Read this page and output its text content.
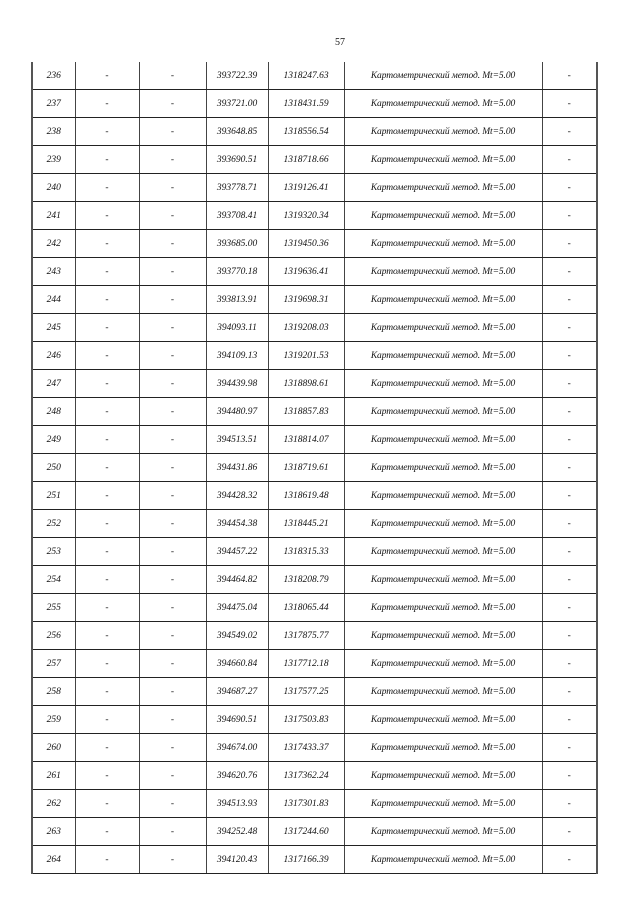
57
236	-	-	393722.39	1318247.63	Картометрический метод. Mt=5.00	-
237	-	-	393721.00	1318431.59	Картометрический метод. Mt=5.00	-
238	-	-	393648.85	1318556.54	Картометрический метод. Mt=5.00	-
239	-	-	393690.51	1318718.66	Картометрический метод. Mt=5.00	-
240	-	-	393778.71	1319126.41	Картометрический метод. Mt=5.00	-
241	-	-	393708.41	1319320.34	Картометрический метод. Mt=5.00	-
242	-	-	393685.00	1319450.36	Картометрический метод. Mt=5.00	-
243	-	-	393770.18	1319636.41	Картометрический метод. Mt=5.00	-
244	-	-	393813.91	1319698.31	Картометрический метод. Mt=5.00	-
245	-	-	394093.11	1319208.03	Картометрический метод. Mt=5.00	-
246	-	-	394109.13	1319201.53	Картометрический метод. Mt=5.00	-
247	-	-	394439.98	1318898.61	Картометрический метод. Mt=5.00	-
248	-	-	394480.97	1318857.83	Картометрический метод. Mt=5.00	-
249	-	-	394513.51	1318814.07	Картометрический метод. Mt=5.00	-
250	-	-	394431.86	1318719.61	Картометрический метод. Mt=5.00	-
251	-	-	394428.32	1318619.48	Картометрический метод. Mt=5.00	-
252	-	-	394454.38	1318445.21	Картометрический метод. Mt=5.00	-
253	-	-	394457.22	1318315.33	Картометрический метод. Mt=5.00	-
254	-	-	394464.82	1318208.79	Картометрический метод. Mt=5.00	-
255	-	-	394475.04	1318065.44	Картометрический метод. Mt=5.00	-
256	-	-	394549.02	1317875.77	Картометрический метод. Mt=5.00	-
257	-	-	394660.84	1317712.18	Картометрический метод. Mt=5.00	-
258	-	-	394687.27	1317577.25	Картометрический метод. Mt=5.00	-
259	-	-	394690.51	1317503.83	Картометрический метод. Mt=5.00	-
260	-	-	394674.00	1317433.37	Картометрический метод. Mt=5.00	-
261	-	-	394620.76	1317362.24	Картометрический метод. Mt=5.00	-
262	-	-	394513.93	1317301.83	Картометрический метод. Mt=5.00	-
263	-	-	394252.48	1317244.60	Картометрический метод. Mt=5.00	-
264	-	-	394120.43	1317166.39	Картометрический метод. Mt=5.00	-
